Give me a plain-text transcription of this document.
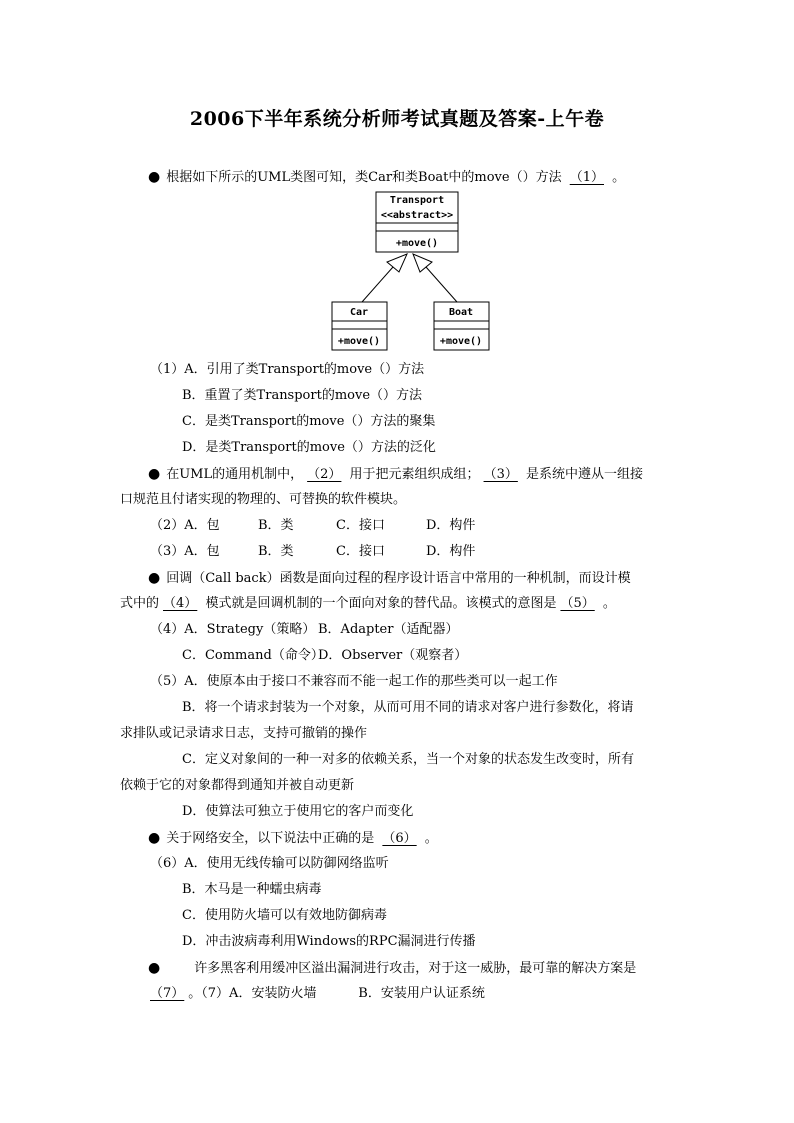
2006下半年系统分析师考试真题及答案-上午卷
● 根据如下所示的UML类图可知，类Car和类Boat中的move（）方法 （1） 。
Transport
<<abstract>>
+move()
Car
+move()
Boat
+move()
（1）A．引用了类Transport的move（）方法
B．重置了类Transport的move（）方法
C．是类Transport的move（）方法的聚集
D．是类Transport的move（）方法的泛化
● 在UML的通用机制中， （2） 用于把元素组织成组； （3） 是系统中遵从一组接
口规范且付诸实现的物理的、可替换的软件模块。
（2）A．包	B．类	C．接口	D．构件
（3）A．包	B．类	C．接口	D．构件
● 回调（Call back）函数是面向过程的程序设计语言中常用的一种机制，而设计模
式中的 （4） 模式就是回调机制的一个面向对象的替代品。该模式的意图是 （5） 。
（4）A．Strategy（策略） B．Adapter（适配器）
C．Command（命令）D．Observer（观察者）
（5）A．使原本由于接口不兼容而不能一起工作的那些类可以一起工作
B．将一个请求封装为一个对象，从而可用不同的请求对客户进行参数化，将请
求排队或记录请求日志，支持可撤销的操作
C．定义对象间的一种一对多的依赖关系，当一个对象的状态发生改变时，所有
依赖于它的对象都得到通知并被自动更新
D．使算法可独立于使用它的客户而变化
● 关于网络安全，以下说法中正确的是 （6） 。
（6）A．使用无线传输可以防御网络监听
B．木马是一种蠕虫病毒
C．使用防火墙可以有效地防御病毒
D．冲击波病毒利用Windows的RPC漏洞进行传播
●	许多黑客利用缓冲区溢出漏洞进行攻击，对于这一威胁，最可靠的解决方案是
（7） 。（7）A．安装防火墙	B．安装用户认证系统
